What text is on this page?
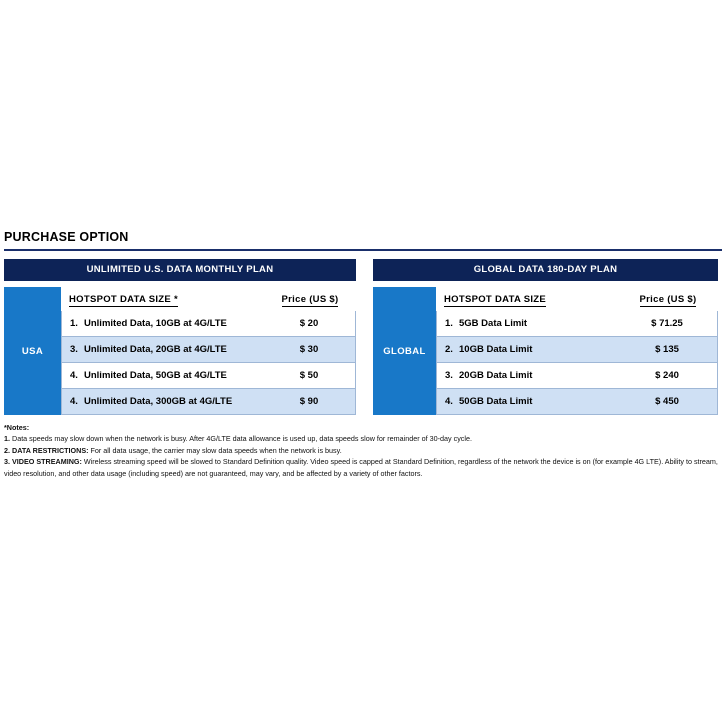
PURCHASE OPTION
UNLIMITED U.S. DATA MONTHLY PLAN
USA
HOTSPOT DATA SIZE *	Price (US $)
1. Unlimited Data, 10GB at 4G/LTE	$ 20
3. Unlimited Data, 20GB at 4G/LTE	$ 30
4. Unlimited Data, 50GB at 4G/LTE	$ 50
4. Unlimited Data, 300GB at 4G/LTE	$ 90
GLOBAL DATA 180-DAY PLAN
GLOBAL
HOTSPOT DATA SIZE	Price (US $)
1. 5GB Data Limit	$ 71.25
2. 10GB Data Limit	$ 135
3. 20GB Data Limit	$ 240
4. 50GB Data Limit	$ 450

*Notes:

1. Data speeds may slow down when the network is busy. After 4G/LTE data allowance is used up, data speeds slow for remainder of 30-day cycle.

2. DATA RESTRICTIONS: For all data usage, the carrier may slow data speeds when the network is busy.

3. VIDEO STREAMING: Wireless streaming speed will be slowed to Standard Definition quality. Video speed is capped at Standard Definition, regardless of the network the device is on (for example 4G LTE). Ability to stream, video resolution, and other data usage (including speed) are not guaranteed, may vary, and be affected by a variety of other factors.
